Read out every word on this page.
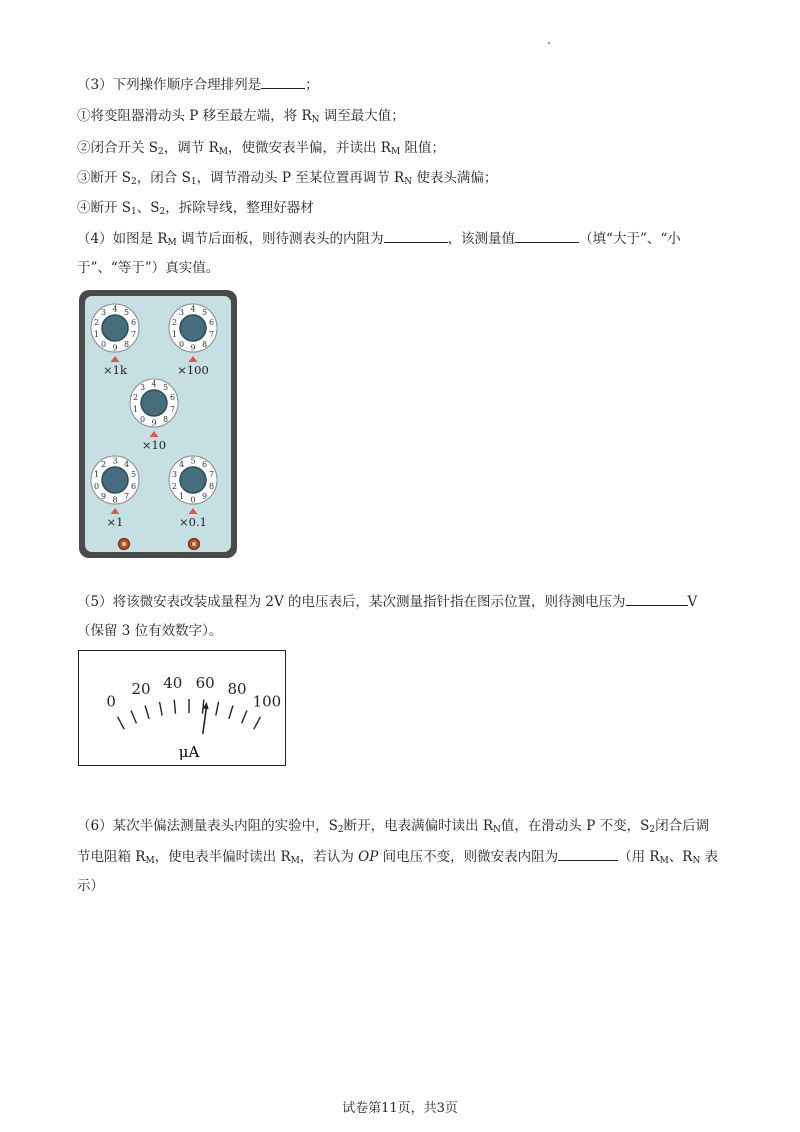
（3）下列操作顺序合理排列是	；
①将变阻器滑动头 P 移至最左端，将 $R_N$ 调至最大值；
②闭合开关 $S_2$，调节 $R_M$，使微安表半偏，并读出 $R_M$ 阻值；
③断开 $S_2$，闭合 $S_1$，调节滑动头 P 至某位置再调节 $R_N$ 使表头满偏；
④断开 $S_1$、$S_2$，拆除导线，整理好器材
（4）如图是 $R_M$ 调节后面板，则待测表头的内阻为	，该测量值	（填“大于”、“小
于”、“等于”）真实值。
9
0
1
2
3 4 5
6
7
8
×1k
9
0
1
2
3 4 5
6
7
8
×100
9
0
1
2
3 4 5
6
7
8
×10
8
9
0
1
2 3 4
5
6
7
×1
0
1
2
3
4 5 6
7
8
9
×0.1
（5）将该微安表改装成量程为 2V 的电压表后，某次测量指针指在图示位置，则待测电压为	V
（保留 3 位有效数字）。
0
20 40 60 80
100
μA
（6）某次半偏法测量表头内阻的实验中，$S_2$断开，电表满偏时读出 $R_N$值，在滑动头 P 不变，$S_2$闭合后调
节电阻箱 $R_M$，使电表半偏时读出 $R_M$，若认为 OP 间电压不变，则微安表内阻为	（用 $R_M$、$R_N$ 表
示）
试卷第11页，共3页
